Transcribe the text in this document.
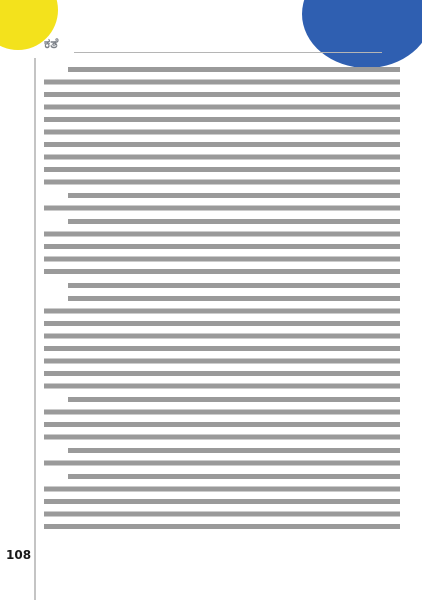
ಕತೆ

108
